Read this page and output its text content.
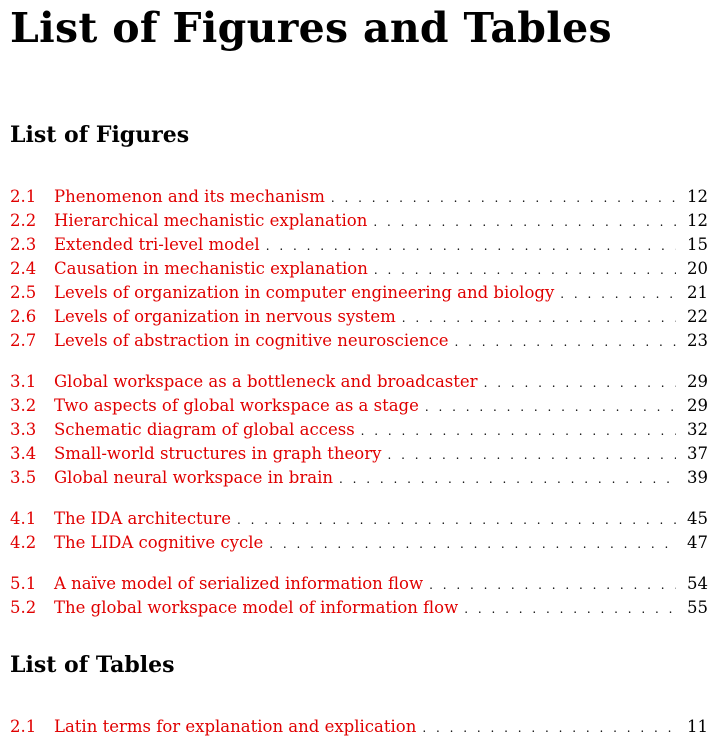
List of Figures and Tables
List of Figures
2.1	Phenomenon and its mechanism . . .	12
2.2	Hierarchical mechanistic explanation . . .	12
2.3	Extended tri-level model . . .	15
2.4	Causation in mechanistic explanation . . .	20
2.5	Levels of organization in computer engineering and biology . . .	21
2.6	Levels of organization in nervous system . . .	22
2.7	Levels of abstraction in cognitive neuroscience . . .	23
3.1	Global workspace as a bottleneck and broadcaster . . .	29
3.2	Two aspects of global workspace as a stage . . .	29
3.3	Schematic diagram of global access . . .	32
3.4	Small-world structures in graph theory . . .	37
3.5	Global neural workspace in brain . . .	39
4.1	The IDA architecture . . .	45
4.2	The LIDA cognitive cycle . . .	47
5.1	A naïve model of serialized information flow . . .	54
5.2	The global workspace model of information flow . . .	55
List of Tables
2.1	Latin terms for explanation and explication . . .	11
